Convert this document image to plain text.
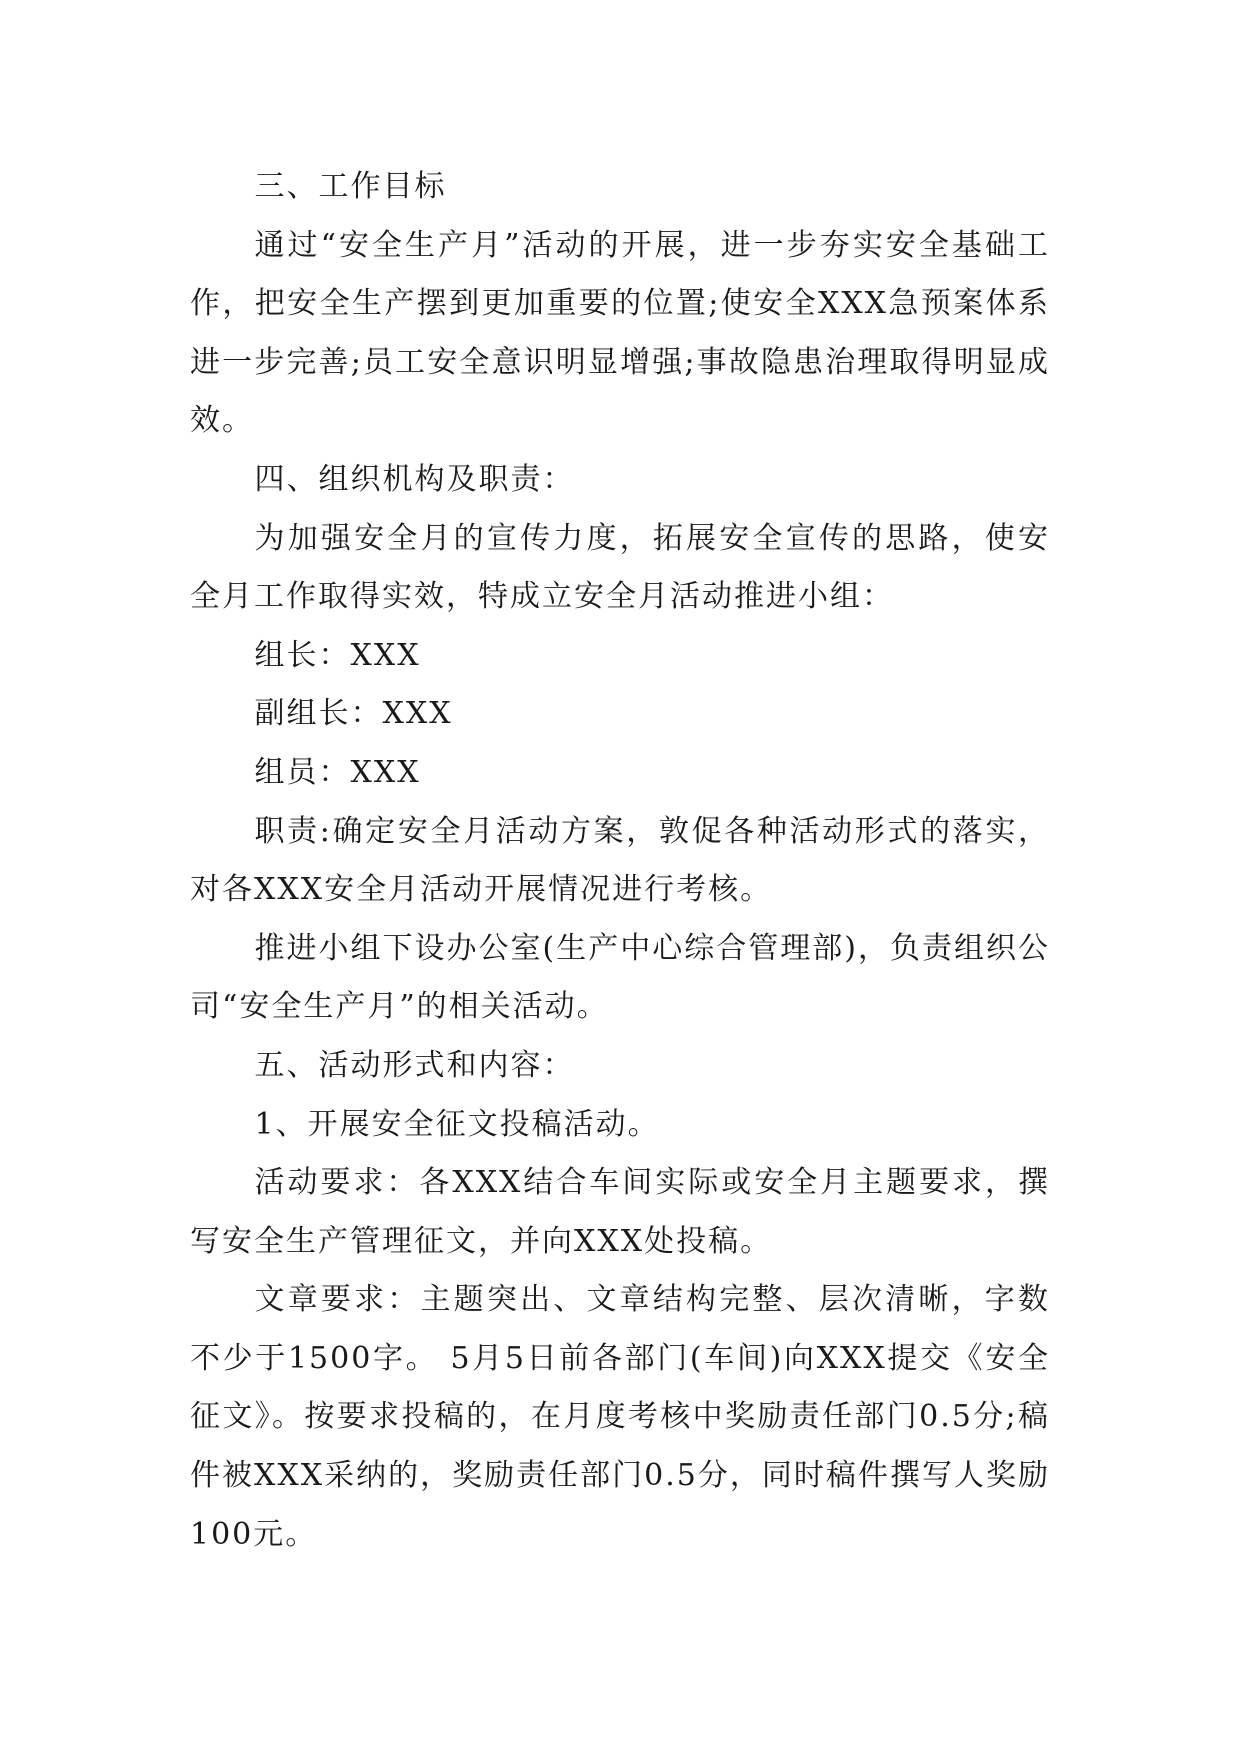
三、工作目标

通过“安全生产月”活动的开展，进一步夯实安全基础工作，把安全生产摆到更加重要的位置;使安全XXX急预案体系进一步完善;员工安全意识明显增强;事故隐患治理取得明显成效。

四、组织机构及职责：

为加强安全月的宣传力度，拓展安全宣传的思路，使安全月工作取得实效，特成立安全月活动推进小组：

组长：XXX

副组长：XXX

组员：XXX

职责:确定安全月活动方案，敦促各种活动形式的落实，对各XXX安全月活动开展情况进行考核。

推进小组下设办公室(生产中心综合管理部)，负责组织公司“安全生产月”的相关活动。

五、活动形式和内容：

1、开展安全征文投稿活动。

活动要求：各XXX结合车间实际或安全月主题要求，撰写安全生产管理征文，并向XXX处投稿。

文章要求：主题突出、文章结构完整、层次清晰，字数不少于1500字。 5月5日前各部门(车间)向XXX提交《安全征文》。按要求投稿的，在月度考核中奖励责任部门0.5分;稿件被XXX采纳的，奖励责任部门0.5分，同时稿件撰写人奖励100元。
